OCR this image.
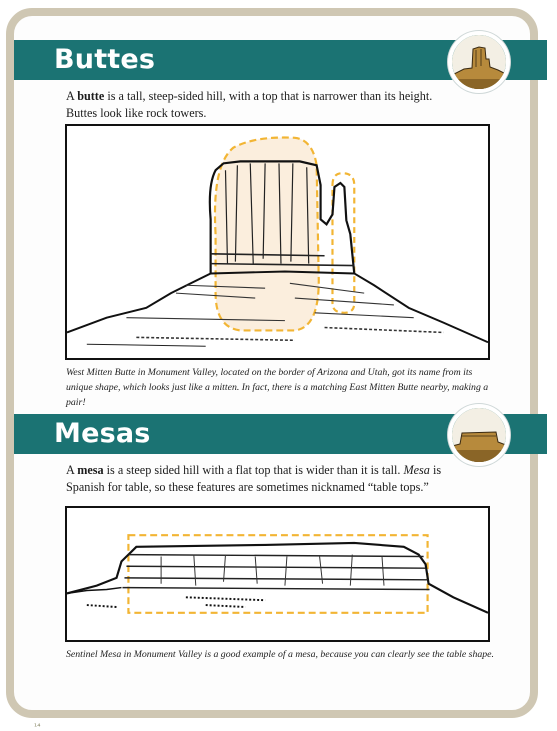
Buttes

A butte is a tall, steep-sided hill, with a top that is narrower than its height. Buttes look like rock towers.

West Mitten Butte in Monument Valley, located on the border of Arizona and Utah, got its name from its unique shape, which looks just like a mitten. In fact, there is a matching East Mitten Butte nearby, making a pair!

Mesas

A mesa is a steep sided hill with a flat top that is wider than it is tall. Mesa is Spanish for table, so these features are sometimes nicknamed “table tops.”

Sentinel Mesa in Monument Valley is a good example of a mesa, because you can clearly see the table shape.

¹⁴
